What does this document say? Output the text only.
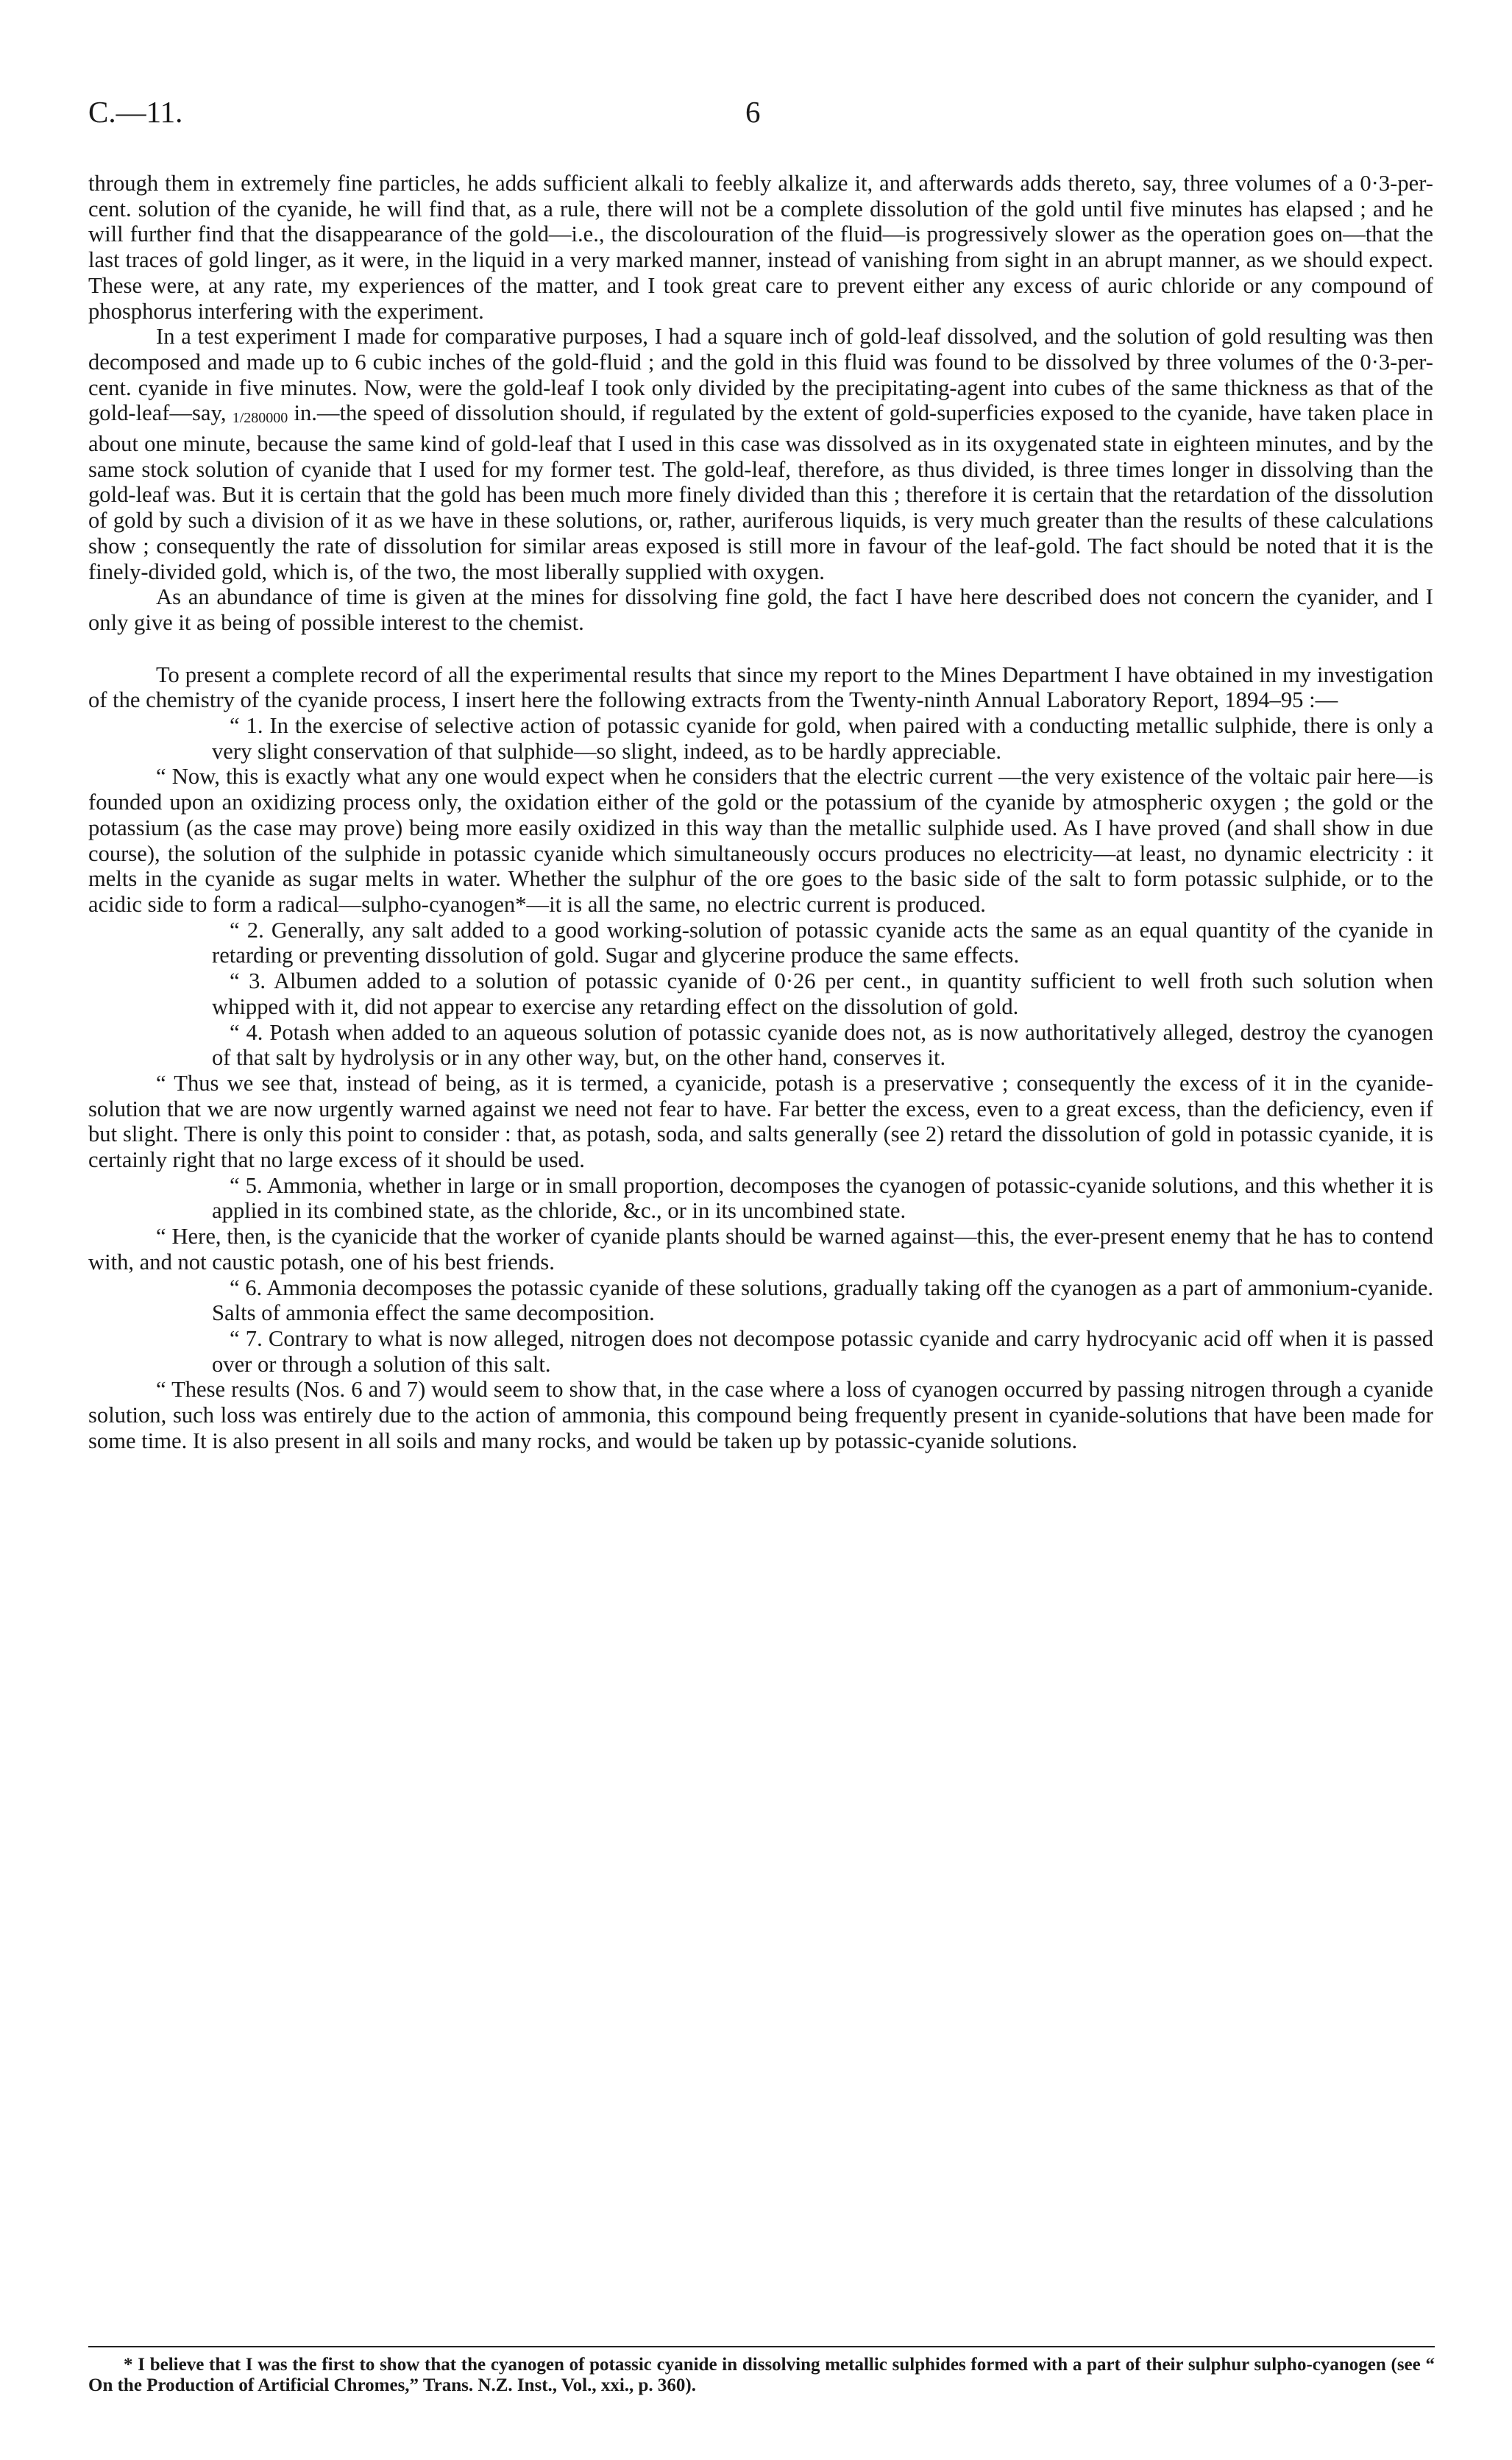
C.—11.	6

through them in extremely fine particles, he adds sufficient alkali to feebly alkalize it, and afterwards adds thereto, say, three volumes of a 0·3-per-cent. solution of the cyanide, he will find that, as a rule, there will not be a complete dissolution of the gold until five minutes has elapsed ; and he will further find that the disappearance of the gold—i.e., the discolouration of the fluid—is progressively slower as the operation goes on—that the last traces of gold linger, as it were, in the liquid in a very marked manner, instead of vanishing from sight in an abrupt manner, as we should expect. These were, at any rate, my experiences of the matter, and I took great care to prevent either any excess of auric chloride or any compound of phosphorus interfering with the experiment.

In a test experiment I made for comparative purposes, I had a square inch of gold-leaf dissolved, and the solution of gold resulting was then decomposed and made up to 6 cubic inches of the gold-fluid ; and the gold in this fluid was found to be dissolved by three volumes of the 0·3-per-cent. cyanide in five minutes. Now, were the gold-leaf I took only divided by the precipitating-agent into cubes of the same thickness as that of the gold-leaf—say, 1/280000 in.—the speed of dissolution should, if regulated by the extent of gold-superficies exposed to the cyanide, have taken place in about one minute, because the same kind of gold-leaf that I used in this case was dissolved as in its oxygenated state in eighteen minutes, and by the same stock solution of cyanide that I used for my former test. The gold-leaf, therefore, as thus divided, is three times longer in dissolving than the gold-leaf was. But it is certain that the gold has been much more finely divided than this ; therefore it is certain that the retardation of the dissolution of gold by such a division of it as we have in these solutions, or, rather, auriferous liquids, is very much greater than the results of these calculations show ; consequently the rate of dissolution for similar areas exposed is still more in favour of the leaf-gold. The fact should be noted that it is the finely-divided gold, which is, of the two, the most liberally supplied with oxygen.

As an abundance of time is given at the mines for dissolving fine gold, the fact I have here described does not concern the cyanider, and I only give it as being of possible interest to the chemist.

To present a complete record of all the experimental results that since my report to the Mines Department I have obtained in my investigation of the chemistry of the cyanide process, I insert here the following extracts from the Twenty-ninth Annual Laboratory Report, 1894–95 :—

“ 1. In the exercise of selective action of potassic cyanide for gold, when paired with a conducting metallic sulphide, there is only a very slight conservation of that sulphide—so slight, indeed, as to be hardly appreciable.

“ Now, this is exactly what any one would expect when he considers that the electric current —the very existence of the voltaic pair here—is founded upon an oxidizing process only, the oxidation either of the gold or the potassium of the cyanide by atmospheric oxygen ; the gold or the potassium (as the case may prove) being more easily oxidized in this way than the metallic sulphide used. As I have proved (and shall show in due course), the solution of the sulphide in potassic cyanide which simultaneously occurs produces no electricity—at least, no dynamic electricity : it melts in the cyanide as sugar melts in water. Whether the sulphur of the ore goes to the basic side of the salt to form potassic sulphide, or to the acidic side to form a radical—sulpho-cyanogen*—it is all the same, no electric current is produced.

“ 2. Generally, any salt added to a good working-solution of potassic cyanide acts the same as an equal quantity of the cyanide in retarding or preventing dissolution of gold. Sugar and glycerine produce the same effects.

“ 3. Albumen added to a solution of potassic cyanide of 0·26 per cent., in quantity sufficient to well froth such solution when whipped with it, did not appear to exercise any retarding effect on the dissolution of gold.

“ 4. Potash when added to an aqueous solution of potassic cyanide does not, as is now authoritatively alleged, destroy the cyanogen of that salt by hydrolysis or in any other way, but, on the other hand, conserves it.

“ Thus we see that, instead of being, as it is termed, a cyanicide, potash is a preservative ; consequently the excess of it in the cyanide-solution that we are now urgently warned against we need not fear to have. Far better the excess, even to a great excess, than the deficiency, even if but slight. There is only this point to consider : that, as potash, soda, and salts generally (see 2) retard the dissolution of gold in potassic cyanide, it is certainly right that no large excess of it should be used.

“ 5. Ammonia, whether in large or in small proportion, decomposes the cyanogen of potassic-cyanide solutions, and this whether it is applied in its combined state, as the chloride, &c., or in its uncombined state.

“ Here, then, is the cyanicide that the worker of cyanide plants should be warned against—this, the ever-present enemy that he has to contend with, and not caustic potash, one of his best friends.

“ 6. Ammonia decomposes the potassic cyanide of these solutions, gradually taking off the cyanogen as a part of ammonium-cyanide. Salts of ammonia effect the same decomposition.

“ 7. Contrary to what is now alleged, nitrogen does not decompose potassic cyanide and carry hydrocyanic acid off when it is passed over or through a solution of this salt.

“ These results (Nos. 6 and 7) would seem to show that, in the case where a loss of cyanogen occurred by passing nitrogen through a cyanide solution, such loss was entirely due to the action of ammonia, this compound being frequently present in cyanide-solutions that have been made for some time. It is also present in all soils and many rocks, and would be taken up by potassic-cyanide solutions.

* I believe that I was the first to show that the cyanogen of potassic cyanide in dissolving metallic sulphides formed with a part of their sulphur sulpho-cyanogen (see “ On the Production of Artificial Chromes,” Trans. N.Z. Inst., Vol., xxi., p. 360).
